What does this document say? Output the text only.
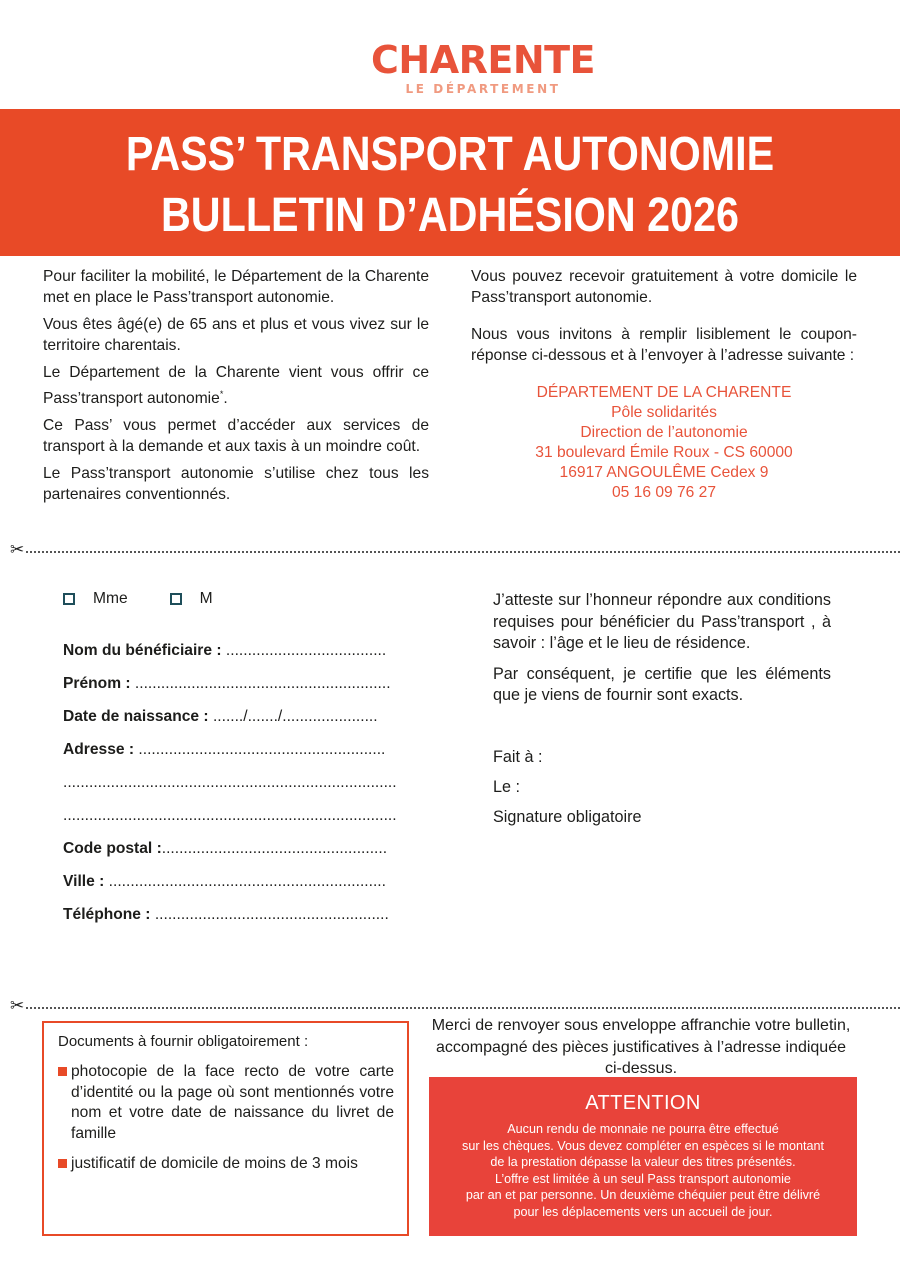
CHARENTE
LE DÉPARTEMENT
PASS’ TRANSPORT AUTONOMIE
BULLETIN D’ADHÉSION 2026

Pour faciliter la mobilité, le Département de la Charente met en place le Pass’transport autonomie.

Vous êtes âgé(e) de 65 ans et plus et vous vivez sur le territoire charentais.

Le Département de la Charente vient vous offrir ce Pass’transport autonomie*.

Ce Pass’ vous permet d’accéder aux services de transport à la demande et aux taxis à un moindre coût.

Le Pass’transport autonomie s’utilise chez tous les partenaires conventionnés.

Vous pouvez recevoir gratuitement à votre domicile le Pass’transport autonomie.

Nous vous invitons à remplir lisiblement le coupon-réponse ci-dessous et à l’envoyer à l’adresse suivante :

DÉPARTEMENT DE LA CHARENTE
Pôle solidarités
Direction de l’autonomie
31 boulevard Émile Roux - CS 60000
16917 ANGOULÊME Cedex 9
05 16 09 76 27
✂
Mme	M
Nom du bénéficiaire : .....................................
Prénom : ...........................................................
Date de naissance : ......./......./......................
Adresse : .........................................................
.............................................................................
.............................................................................
Code postal :....................................................
Ville : ................................................................
Téléphone : ......................................................

J’atteste sur l’honneur répondre aux conditions requises pour bénéficier du Pass’transport , à savoir : l’âge et le lieu de résidence.

Par conséquent, je certifie que les éléments que je viens de fournir sont exacts.

Fait à :
Le :
Signature obligatoire
✂
Documents à fournir obligatoirement :
photocopie de la face recto de votre carte d’identité ou la page où sont mentionnés votre nom et votre date de naissance du livret de famille
justificatif de domicile de moins de 3 mois
Merci de renvoyer sous enveloppe affranchie votre bulletin, accompagné des pièces justificatives à l’adresse indiquée ci-dessus.
ATTENTION
Aucun rendu de monnaie ne pourra être effectué
sur les chèques. Vous devez compléter en espèces si le montant
de la prestation dépasse la valeur des titres présentés.
L’offre est limitée à un seul Pass transport autonomie
par an et par personne. Un deuxième chéquier peut être délivré
pour les déplacements vers un accueil de jour.
